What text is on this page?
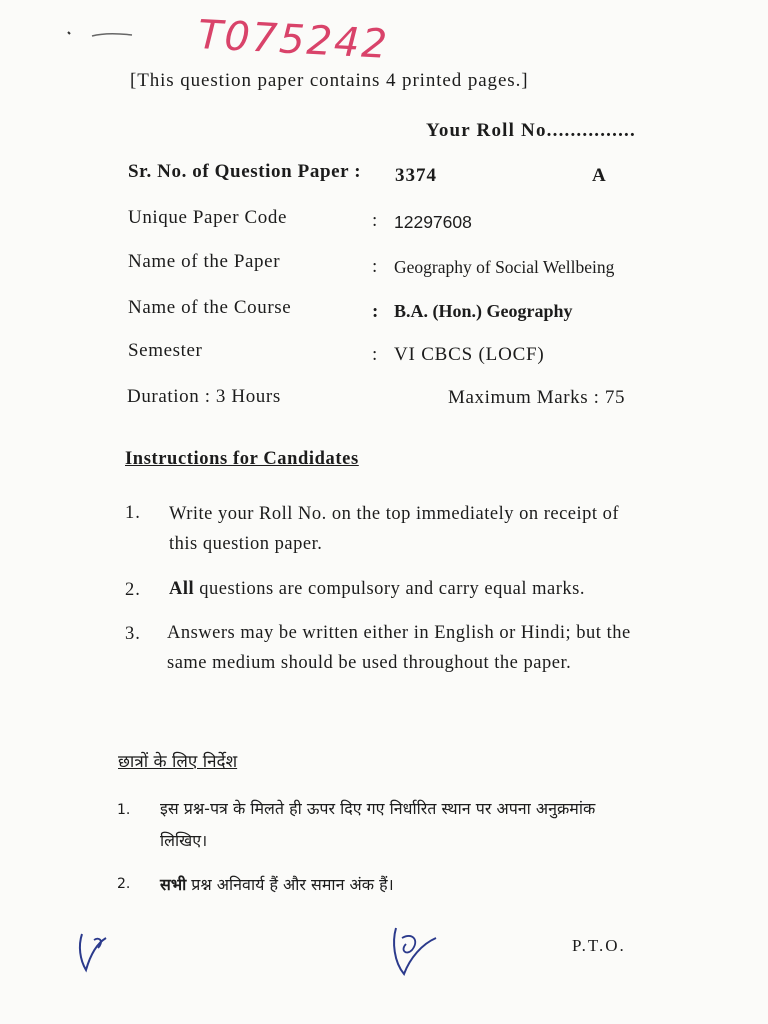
T075242
[This question paper contains 4 printed pages.]
Your Roll No...............
Sr. No. of Question Paper : 3374	A
Unique Paper Code	: 12297608
Name of the Paper	: Geography of Social Wellbeing
Name of the Course	: B.A. (Hon.) Geography
Semester	: VI CBCS (LOCF)
Duration : 3 Hours	Maximum Marks : 75
Instructions for Candidates
1. Write your Roll No. on the top immediately on receipt of this question paper.
2. All questions are compulsory and carry equal marks.
3. Answers may be written either in English or Hindi; but the same medium should be used throughout the paper.
छात्रों के लिए निर्देश
1. इस प्रश्न-पत्र के मिलते ही ऊपर दिए गए निर्धारित स्थान पर अपना अनुक्रमांक लिखिए।
2. सभी प्रश्न अनिवार्य हैं और समान अंक हैं।
P.T.O.
